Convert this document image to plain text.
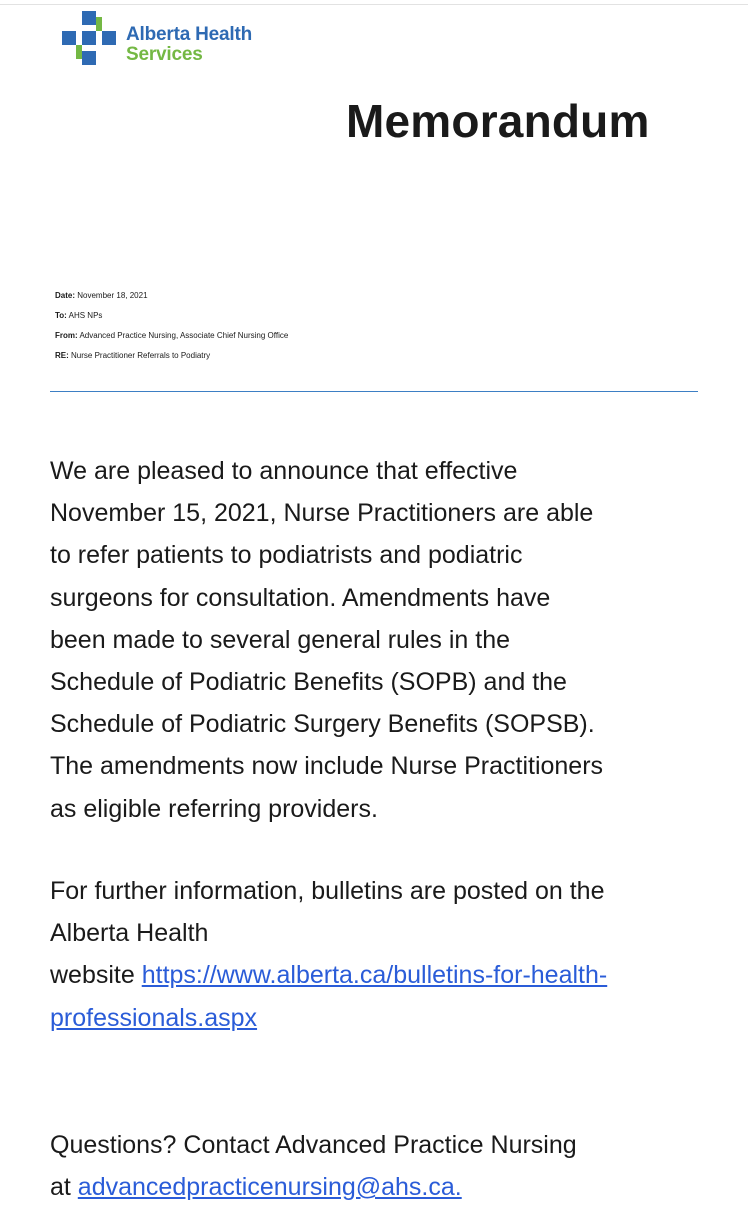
Alberta Health
Services
Memorandum
Date: November 18, 2021
To: AHS NPs
From: Advanced Practice Nursing, Associate Chief Nursing Office
RE: Nurse Practitioner Referrals to Podiatry
We are pleased to announce that effective
November 15, 2021, Nurse Practitioners are able
to refer patients to podiatrists and podiatric
surgeons for consultation. Amendments have
been made to several general rules in the
Schedule of Podiatric Benefits (SOPB) and the
Schedule of Podiatric Surgery Benefits (SOPSB).
The amendments now include Nurse Practitioners
as eligible referring providers.
For further information, bulletins are posted on the
Alberta Health
website https://www.alberta.ca/bulletins-for-health-
professionals.aspx
Questions? Contact Advanced Practice Nursing
at advancedpracticenursing@ahs.ca.
